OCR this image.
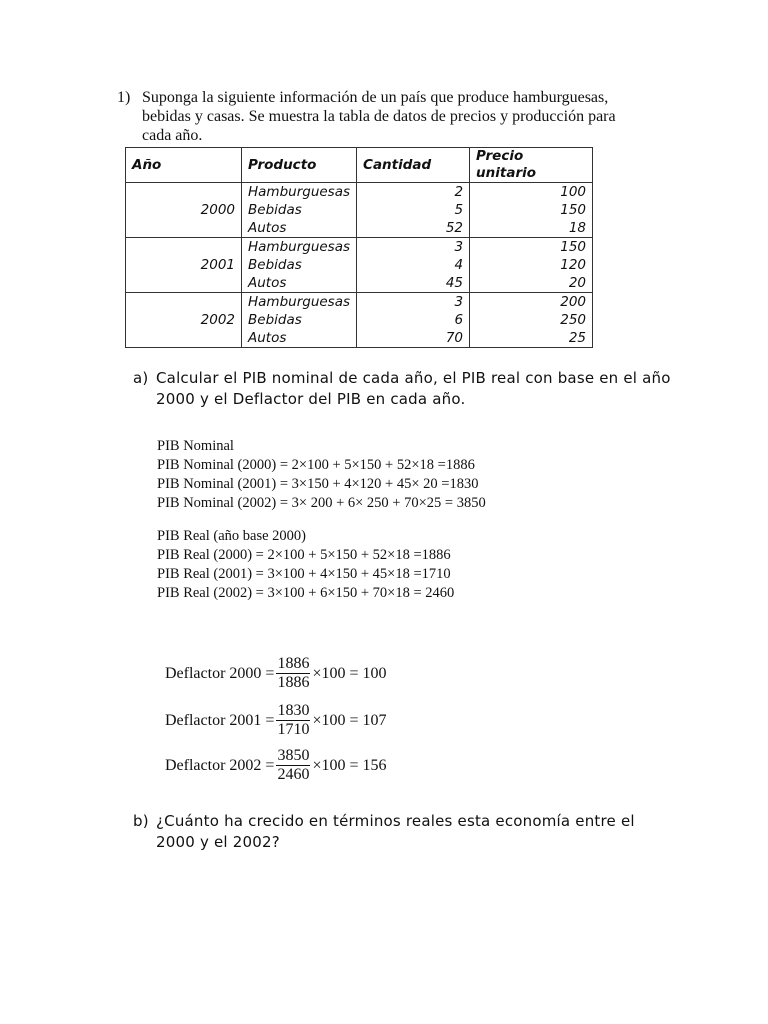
1) Suponga la siguiente información de un país que produce hamburguesas, bebidas y casas. Se muestra la tabla de datos de precios y producción para cada año.
Año	Producto	Cantidad	Precio unitario
2000	Hamburguesas	2	100
	Bebidas	5	150
	Autos	52	18
2001	Hamburguesas	3	150
	Bebidas	4	120
	Autos	45	20
2002	Hamburguesas	3	200
	Bebidas	6	250
	Autos	70	25
a) Calcular el PIB nominal de cada año, el PIB real con base en el año 2000 y el Deflactor del PIB en cada año.
PIB Nominal
PIB Nominal (2000) = 2×100 + 5×150 + 52×18 =1886
PIB Nominal (2001) = 3×150 + 4×120 + 45× 20 =1830
PIB Nominal (2002) = 3× 200 + 6× 250 + 70×25 = 3850
PIB Real (año base 2000)
PIB Real (2000) = 2×100 + 5×150 + 52×18 =1886
PIB Real (2001) = 3×100 + 4×150 + 45×18 =1710
PIB Real (2002) = 3×100 + 6×150 + 70×18 = 2460
Deflactor $2000 = \frac{1886}{1886} \times 100 = 100$
Deflactor $2001 = \frac{1830}{1710} \times 100 = 107$
Deflactor $2002 = \frac{3850}{2460} \times 100 = 156$
b) ¿Cuánto ha crecido en términos reales esta economía entre el 2000 y el 2002?
